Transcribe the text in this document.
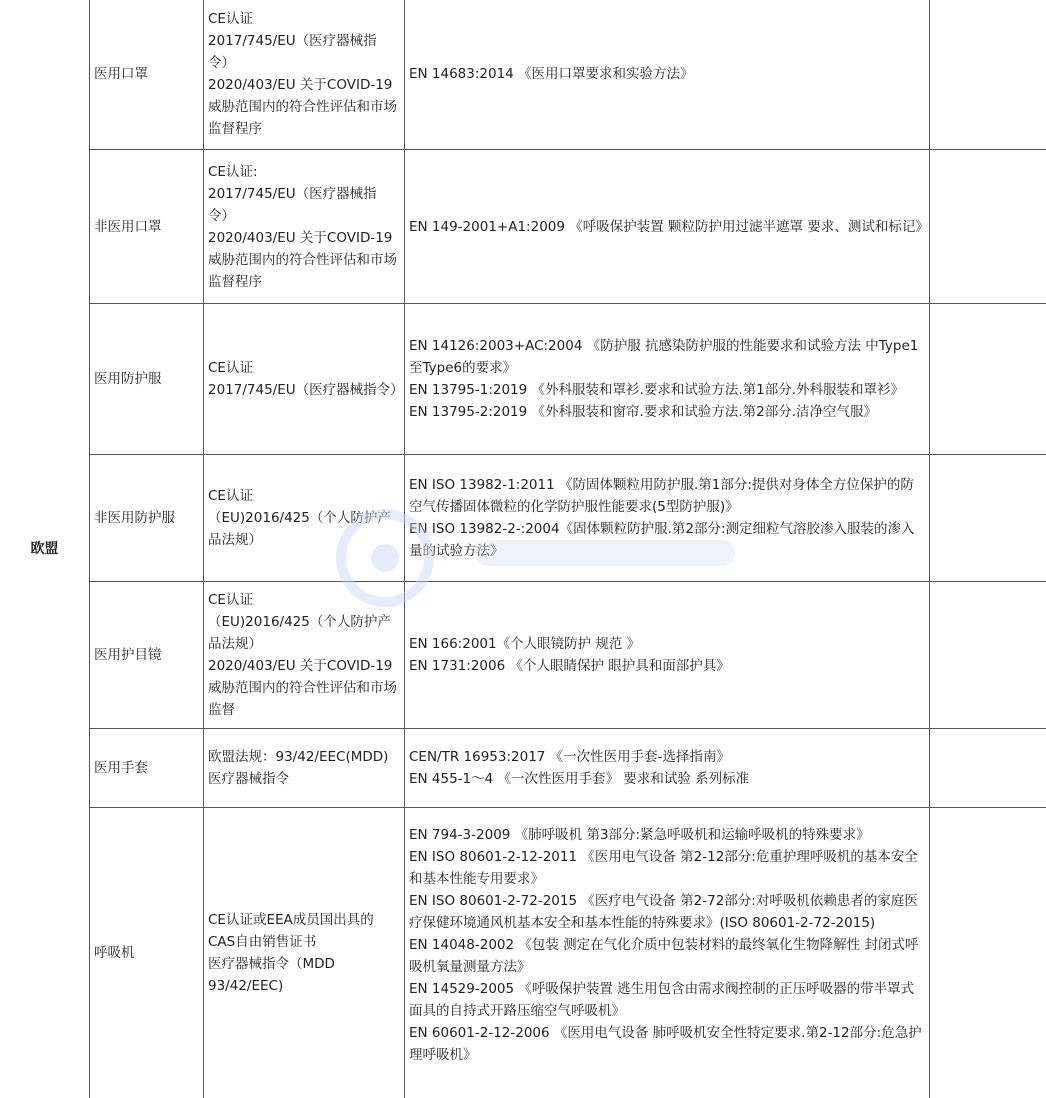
欧盟
医用口罩
CE认证
2017/745/EU（医疗器械指令）
2020/403/EU 关于COVID-19威胁范围内的符合性评估和市场监督程序
EN 14683:2014 《医用口罩要求和实验方法》
非医用口罩
CE认证:
2017/745/EU（医疗器械指令）
2020/403/EU 关于COVID-19威胁范围内的符合性评估和市场监督程序
EN 149-2001+A1:2009 《呼吸保护装置 颗粒防护用过滤半遮罩 要求、测试和标记》
医用防护服
CE认证
2017/745/EU（医疗器械指令）
EN 14126:2003+AC:2004 《防护服 抗感染防护服的性能要求和试验方法 中Type1至Type6的要求》
EN 13795-1:2019 《外科服装和罩衫.要求和试验方法.第1部分.外科服装和罩衫》
EN 13795-2:2019 《外科服装和窗帘.要求和试验方法.第2部分.洁净空气服》
非医用防护服
CE认证
（EU)2016/425（个人防护产品法规）
EN ISO 13982-1:2011 《防固体颗粒用防护服.第1部分:提供对身体全方位保护的防空气传播固体微粒的化学防护服性能要求(5型防护服)》
EN ISO 13982-2-:2004《固体颗粒防护服.第2部分:测定细粒气溶胶渗入服装的渗入量的试验方法》
医用护目镜
CE认证
（EU)2016/425（个人防护产品法规）
2020/403/EU 关于COVID-19威胁范围内的符合性评估和市场监督
EN 166:2001《个人眼镜防护 规范 》
EN 1731:2006 《个人眼睛保护 眼护具和面部护具》
医用手套
欧盟法规：93/42/EEC(MDD)医疗器械指令
CEN/TR 16953:2017 《一次性医用手套-选择指南》
EN 455-1～4 《一次性医用手套》 要求和试验 系列标准
呼吸机
CE认证或EEA成员国出具的CAS自由销售证书
医疗器械指令（MDD 93/42/EEC)
EN 794-3-2009 《肺呼吸机 第3部分:紧急呼吸机和运输呼吸机的特殊要求》
EN ISO 80601-2-12-2011 《医用电气设备 第2-12部分:危重护理呼吸机的基本安全和基本性能专用要求》
EN ISO 80601-2-72-2015 《医疗电气设备 第2-72部分:对呼吸机依赖患者的家庭医疗保健环境通风机基本安全和基本性能的特殊要求》(ISO 80601-2-72-2015)
EN 14048-2002 《包装 测定在气化介质中包装材料的最终氧化生物降解性 封闭式呼吸机氧量测量方法》
EN 14529-2005 《呼吸保护装置 逃生用包含由需求阀控制的正压呼吸器的带半罩式面具的自持式开路压缩空气呼吸机》
EN 60601-2-12-2006 《医用电气设备 肺呼吸机安全性特定要求.第2-12部分:危急护理呼吸机》
